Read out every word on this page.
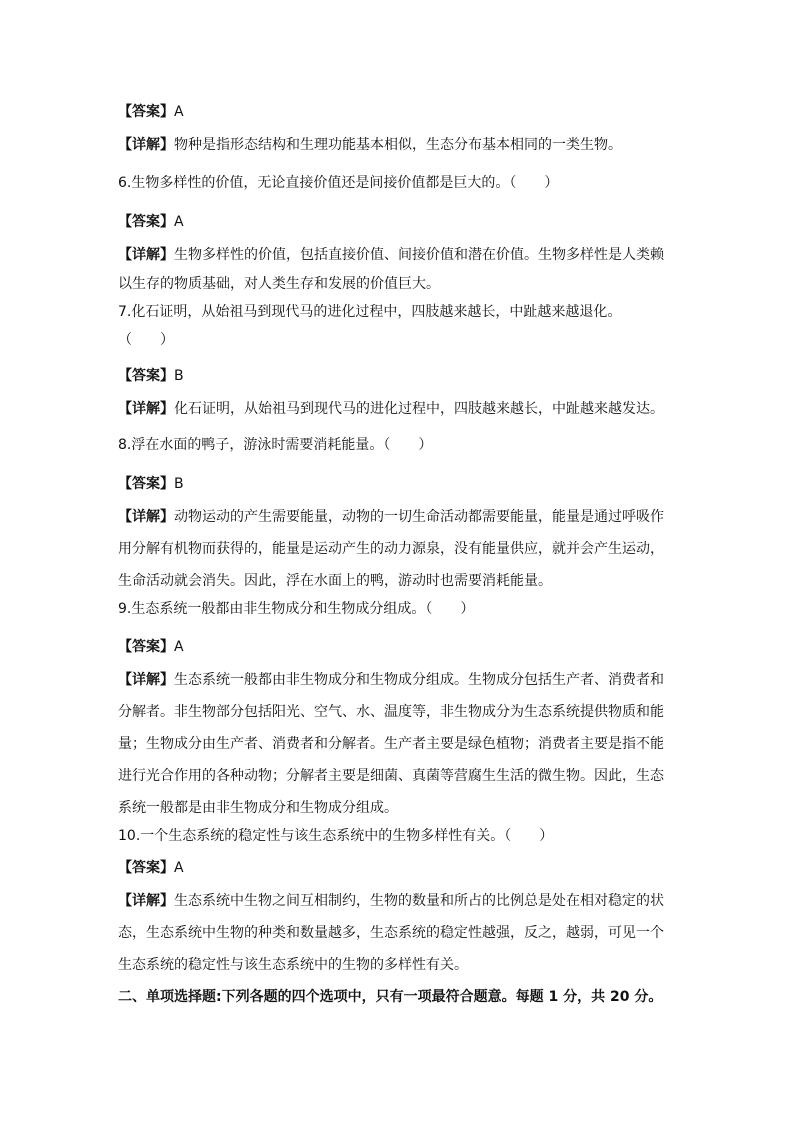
【答案】A
【详解】物种是指形态结构和生理功能基本相似，生态分布基本相同的一类生物。
6.生物多样性的价值，无论直接价值还是间接价值都是巨大的。（　　）
【答案】A
【详解】生物多样性的价值，包括直接价值、间接价值和潜在价值。生物多样性是人类赖
以生存的物质基础，对人类生存和发展的价值巨大。
7.化石证明，从始祖马到现代马的进化过程中，四肢越来越长，中趾越来越退化。
（　　）
【答案】B
【详解】化石证明，从始祖马到现代马的进化过程中，四肢越来越长，中趾越来越发达。
8.浮在水面的鸭子，游泳时需要消耗能量。（　　）
【答案】B
【详解】动物运动的产生需要能量，动物的一切生命活动都需要能量，能量是通过呼吸作
用分解有机物而获得的，能量是运动产生的动力源泉，没有能量供应，就并会产生运动，
生命活动就会消失。因此，浮在水面上的鸭，游动时也需要消耗能量。
9.生态系统一般都由非生物成分和生物成分组成。（　　）
【答案】A
【详解】生态系统一般都由非生物成分和生物成分组成。生物成分包括生产者、消费者和
分解者。非生物部分包括阳光、空气、水、温度等，非生物成分为生态系统提供物质和能
量；生物成分由生产者、消费者和分解者。生产者主要是绿色植物；消费者主要是指不能
进行光合作用的各种动物；分解者主要是细菌、真菌等营腐生生活的微生物。因此，生态
系统一般都是由非生物成分和生物成分组成。
10.一个生态系统的稳定性与该生态系统中的生物多样性有关。（　　）
【答案】A
【详解】生态系统中生物之间互相制约，生物的数量和所占的比例总是处在相对稳定的状
态，生态系统中生物的种类和数量越多，生态系统的稳定性越强，反之，越弱，可见一个
生态系统的稳定性与该生态系统中的生物的多样性有关。
二、单项选择题:下列各题的四个选项中，只有一项最符合题意。每题 1 分，共 20 分。
